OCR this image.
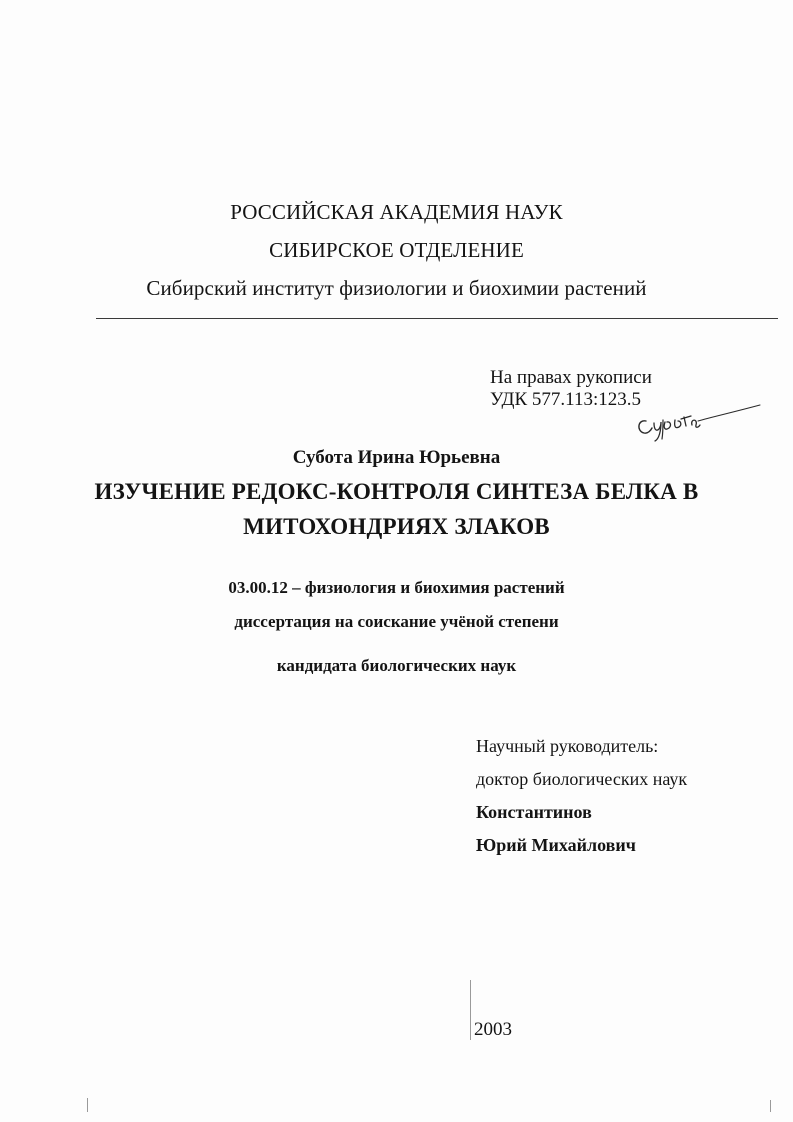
РОССИЙСКАЯ АКАДЕМИЯ НАУК
СИБИРСКОЕ ОТДЕЛЕНИЕ
Сибирский институт физиологии и биохимии растений
На правах рукописи
УДК 577.113:123.5
Субота Ирина Юрьевна
ИЗУЧЕНИЕ РЕДОКС-КОНТРОЛЯ СИНТЕЗА БЕЛКА В
МИТОХОНДРИЯХ ЗЛАКОВ
03.00.12 – физиология и биохимия растений
диссертация на соискание учёной степени
кандидата биологических наук
Научный руководитель:
доктор биологических наук
Константинов
Юрий Михайлович
2003
